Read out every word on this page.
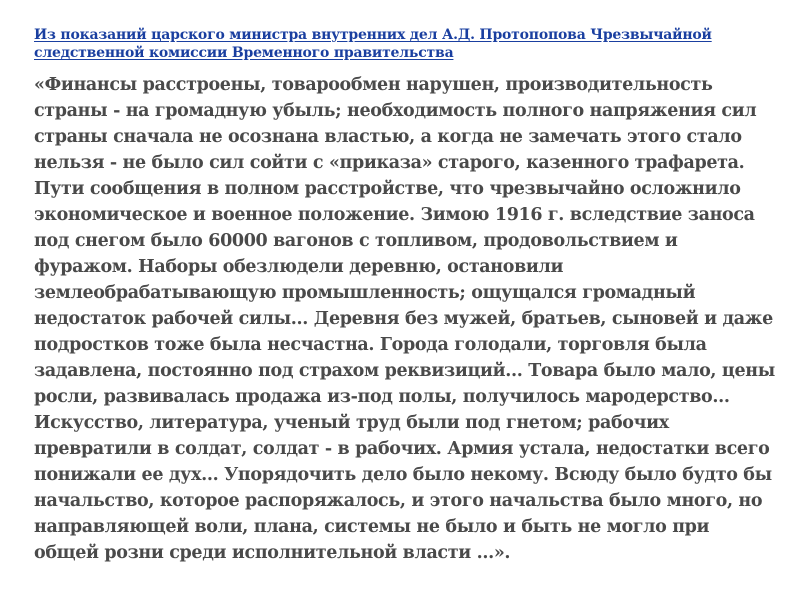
Из показаний царского министра внутренних дел А.Д. Протопопова Чрезвычайной следственной комиссии Временного правительства

«Финансы расстроены, товарообмен нарушен, производительность страны - на громадную убыль; необходимость полного напряжения сил страны сначала не осознана властью, а когда не замечать этого стало нельзя - не было сил сойти с «приказа» старого, казенного трафарета. Пути сообщения в полном расстройстве, что чрезвычайно осложнило экономическое и военное положение. Зимою 1916 г. вследствие заноса под снегом было 60000 вагонов с топливом, продовольствием и фуражом. Наборы обезлюдели деревню, остановили землеобрабатывающую промышленность; ощущался громадный недостаток рабочей силы... Деревня без мужей, братьев, сыновей и даже подростков тоже была несчастна. Города голодали, торговля была задавлена, постоянно под страхом реквизиций... Товара было мало, цены росли, развивалась продажа из-под полы, получилось мародерство... Искусство, литература, ученый труд были под гнетом; рабочих превратили в солдат, солдат - в рабочих. Армия устала, недостатки всего понижали ее дух... Упорядочить дело было некому. Всюду было будто бы начальство, которое распоряжалось, и этого начальства было много, но направляющей воли, плана, системы не было и быть не могло при общей розни среди исполнительной власти ...».
